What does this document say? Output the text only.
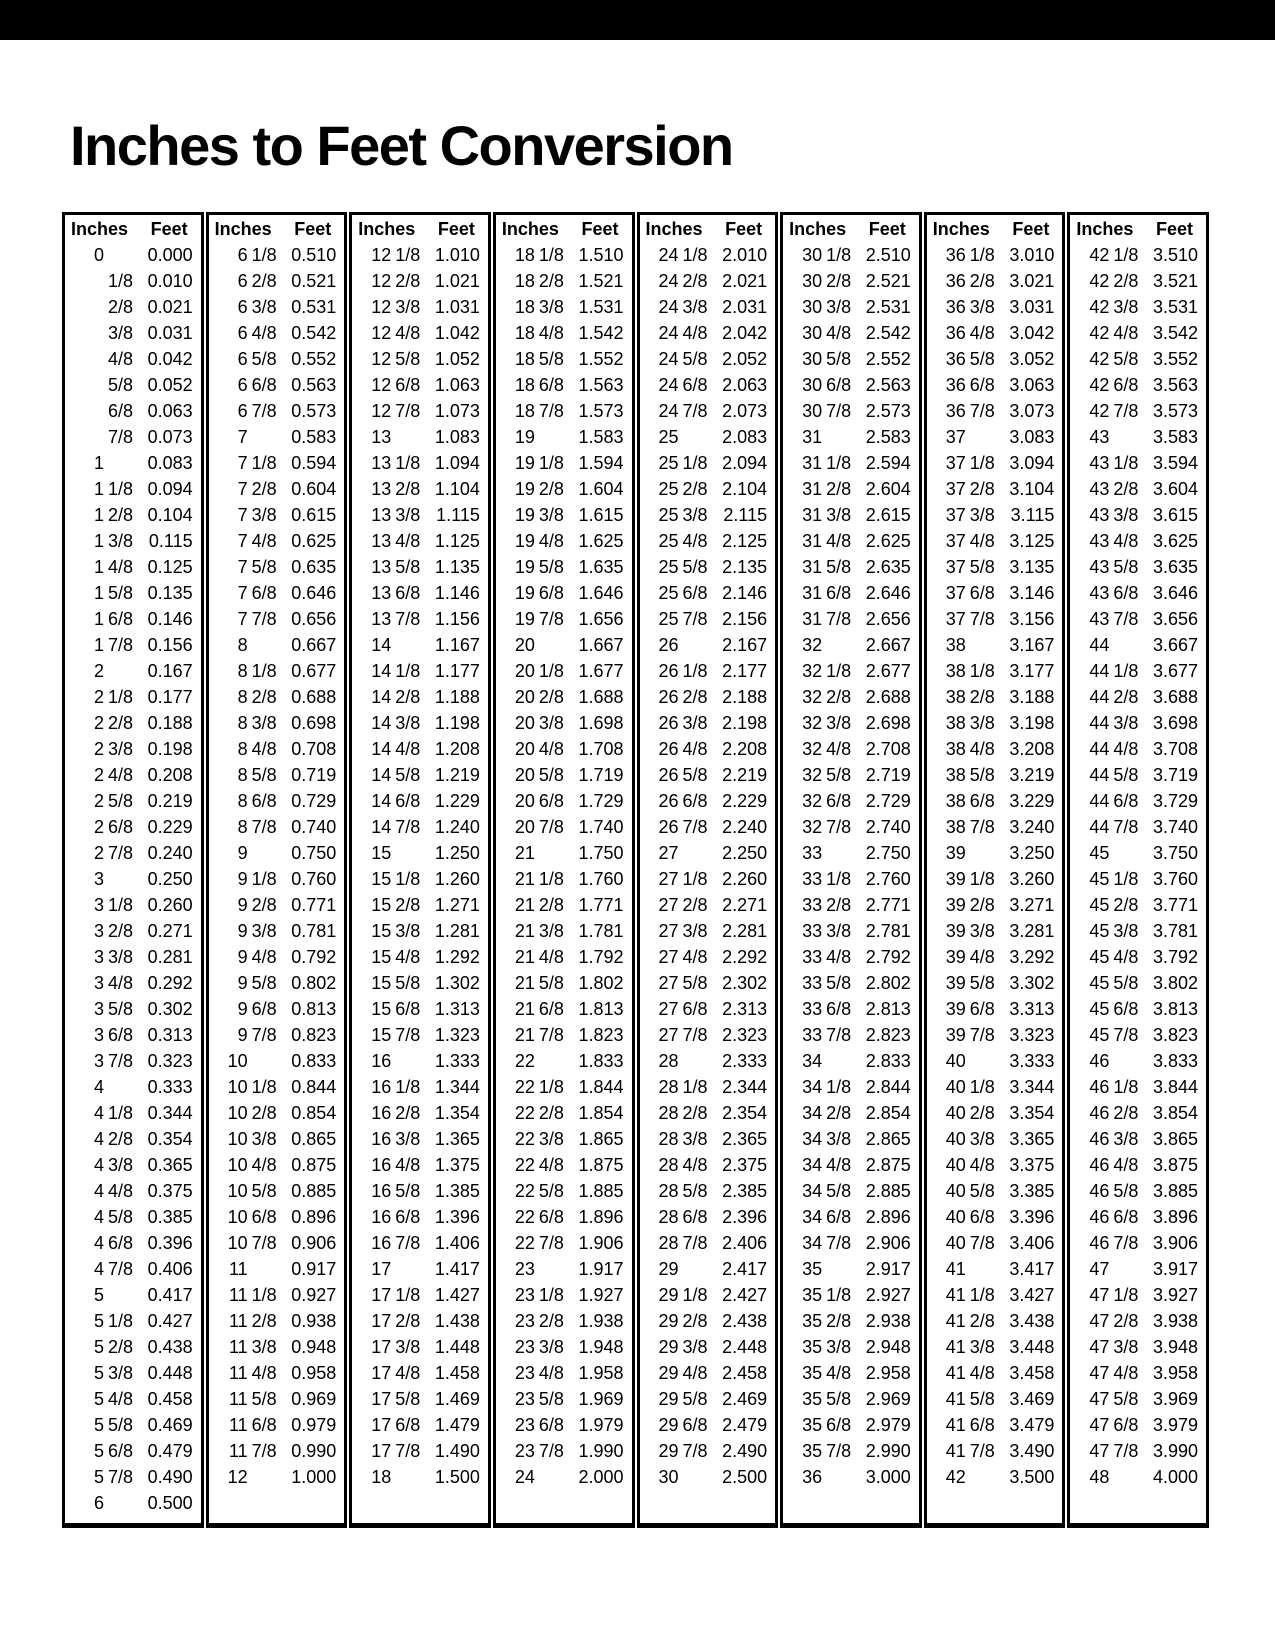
Inches to Feet Conversion
Inches Feet
0	0.000
1/8 0.010
2/8 0.021
3/8 0.031
4/8 0.042
5/8 0.052
6/8 0.063
7/8 0.073
1	0.083
1 1/8 0.094
1 2/8 0.104
1 3/8 0.115
1 4/8 0.125
1 5/8 0.135
1 6/8 0.146
1 7/8 0.156
2	0.167
2 1/8 0.177
2 2/8 0.188
2 3/8 0.198
2 4/8 0.208
2 5/8 0.219
2 6/8 0.229
2 7/8 0.240
3	0.250
3 1/8 0.260
3 2/8 0.271
3 3/8 0.281
3 4/8 0.292
3 5/8 0.302
3 6/8 0.313
3 7/8 0.323
4	0.333
4 1/8 0.344
4 2/8 0.354
4 3/8 0.365
4 4/8 0.375
4 5/8 0.385
4 6/8 0.396
4 7/8 0.406
5	0.417
5 1/8 0.427
5 2/8 0.438
5 3/8 0.448
5 4/8 0.458
5 5/8 0.469
5 6/8 0.479
5 7/8 0.490
6	0.500
Inches Feet
6 1/8 0.510
6 2/8 0.521
6 3/8 0.531
6 4/8 0.542
6 5/8 0.552
6 6/8 0.563
6 7/8 0.573
7	0.583
7 1/8 0.594
7 2/8 0.604
7 3/8 0.615
7 4/8 0.625
7 5/8 0.635
7 6/8 0.646
7 7/8 0.656
8	0.667
8 1/8 0.677
8 2/8 0.688
8 3/8 0.698
8 4/8 0.708
8 5/8 0.719
8 6/8 0.729
8 7/8 0.740
9	0.750
9 1/8 0.760
9 2/8 0.771
9 3/8 0.781
9 4/8 0.792
9 5/8 0.802
9 6/8 0.813
9 7/8 0.823
10	0.833
10 1/8 0.844
10 2/8 0.854
10 3/8 0.865
10 4/8 0.875
10 5/8 0.885
10 6/8 0.896
10 7/8 0.906
11	0.917
11 1/8 0.927
11 2/8 0.938
11 3/8 0.948
11 4/8 0.958
11 5/8 0.969
11 6/8 0.979
11 7/8 0.990
12	1.000
Inches Feet
12 1/8 1.010
12 2/8 1.021
12 3/8 1.031
12 4/8 1.042
12 5/8 1.052
12 6/8 1.063
12 7/8 1.073
13	1.083
13 1/8 1.094
13 2/8 1.104
13 3/8 1.115
13 4/8 1.125
13 5/8 1.135
13 6/8 1.146
13 7/8 1.156
14	1.167
14 1/8 1.177
14 2/8 1.188
14 3/8 1.198
14 4/8 1.208
14 5/8 1.219
14 6/8 1.229
14 7/8 1.240
15	1.250
15 1/8 1.260
15 2/8 1.271
15 3/8 1.281
15 4/8 1.292
15 5/8 1.302
15 6/8 1.313
15 7/8 1.323
16	1.333
16 1/8 1.344
16 2/8 1.354
16 3/8 1.365
16 4/8 1.375
16 5/8 1.385
16 6/8 1.396
16 7/8 1.406
17	1.417
17 1/8 1.427
17 2/8 1.438
17 3/8 1.448
17 4/8 1.458
17 5/8 1.469
17 6/8 1.479
17 7/8 1.490
18	1.500
Inches Feet
18 1/8 1.510
18 2/8 1.521
18 3/8 1.531
18 4/8 1.542
18 5/8 1.552
18 6/8 1.563
18 7/8 1.573
19	1.583
19 1/8 1.594
19 2/8 1.604
19 3/8 1.615
19 4/8 1.625
19 5/8 1.635
19 6/8 1.646
19 7/8 1.656
20	1.667
20 1/8 1.677
20 2/8 1.688
20 3/8 1.698
20 4/8 1.708
20 5/8 1.719
20 6/8 1.729
20 7/8 1.740
21	1.750
21 1/8 1.760
21 2/8 1.771
21 3/8 1.781
21 4/8 1.792
21 5/8 1.802
21 6/8 1.813
21 7/8 1.823
22	1.833
22 1/8 1.844
22 2/8 1.854
22 3/8 1.865
22 4/8 1.875
22 5/8 1.885
22 6/8 1.896
22 7/8 1.906
23	1.917
23 1/8 1.927
23 2/8 1.938
23 3/8 1.948
23 4/8 1.958
23 5/8 1.969
23 6/8 1.979
23 7/8 1.990
24	2.000
Inches Feet
24 1/8 2.010
24 2/8 2.021
24 3/8 2.031
24 4/8 2.042
24 5/8 2.052
24 6/8 2.063
24 7/8 2.073
25	2.083
25 1/8 2.094
25 2/8 2.104
25 3/8 2.115
25 4/8 2.125
25 5/8 2.135
25 6/8 2.146
25 7/8 2.156
26	2.167
26 1/8 2.177
26 2/8 2.188
26 3/8 2.198
26 4/8 2.208
26 5/8 2.219
26 6/8 2.229
26 7/8 2.240
27	2.250
27 1/8 2.260
27 2/8 2.271
27 3/8 2.281
27 4/8 2.292
27 5/8 2.302
27 6/8 2.313
27 7/8 2.323
28	2.333
28 1/8 2.344
28 2/8 2.354
28 3/8 2.365
28 4/8 2.375
28 5/8 2.385
28 6/8 2.396
28 7/8 2.406
29	2.417
29 1/8 2.427
29 2/8 2.438
29 3/8 2.448
29 4/8 2.458
29 5/8 2.469
29 6/8 2.479
29 7/8 2.490
30	2.500
Inches Feet
30 1/8 2.510
30 2/8 2.521
30 3/8 2.531
30 4/8 2.542
30 5/8 2.552
30 6/8 2.563
30 7/8 2.573
31	2.583
31 1/8 2.594
31 2/8 2.604
31 3/8 2.615
31 4/8 2.625
31 5/8 2.635
31 6/8 2.646
31 7/8 2.656
32	2.667
32 1/8 2.677
32 2/8 2.688
32 3/8 2.698
32 4/8 2.708
32 5/8 2.719
32 6/8 2.729
32 7/8 2.740
33	2.750
33 1/8 2.760
33 2/8 2.771
33 3/8 2.781
33 4/8 2.792
33 5/8 2.802
33 6/8 2.813
33 7/8 2.823
34	2.833
34 1/8 2.844
34 2/8 2.854
34 3/8 2.865
34 4/8 2.875
34 5/8 2.885
34 6/8 2.896
34 7/8 2.906
35	2.917
35 1/8 2.927
35 2/8 2.938
35 3/8 2.948
35 4/8 2.958
35 5/8 2.969
35 6/8 2.979
35 7/8 2.990
36	3.000
Inches Feet
36 1/8 3.010
36 2/8 3.021
36 3/8 3.031
36 4/8 3.042
36 5/8 3.052
36 6/8 3.063
36 7/8 3.073
37	3.083
37 1/8 3.094
37 2/8 3.104
37 3/8 3.115
37 4/8 3.125
37 5/8 3.135
37 6/8 3.146
37 7/8 3.156
38	3.167
38 1/8 3.177
38 2/8 3.188
38 3/8 3.198
38 4/8 3.208
38 5/8 3.219
38 6/8 3.229
38 7/8 3.240
39	3.250
39 1/8 3.260
39 2/8 3.271
39 3/8 3.281
39 4/8 3.292
39 5/8 3.302
39 6/8 3.313
39 7/8 3.323
40	3.333
40 1/8 3.344
40 2/8 3.354
40 3/8 3.365
40 4/8 3.375
40 5/8 3.385
40 6/8 3.396
40 7/8 3.406
41	3.417
41 1/8 3.427
41 2/8 3.438
41 3/8 3.448
41 4/8 3.458
41 5/8 3.469
41 6/8 3.479
41 7/8 3.490
42	3.500
Inches Feet
42 1/8 3.510
42 2/8 3.521
42 3/8 3.531
42 4/8 3.542
42 5/8 3.552
42 6/8 3.563
42 7/8 3.573
43	3.583
43 1/8 3.594
43 2/8 3.604
43 3/8 3.615
43 4/8 3.625
43 5/8 3.635
43 6/8 3.646
43 7/8 3.656
44	3.667
44 1/8 3.677
44 2/8 3.688
44 3/8 3.698
44 4/8 3.708
44 5/8 3.719
44 6/8 3.729
44 7/8 3.740
45	3.750
45 1/8 3.760
45 2/8 3.771
45 3/8 3.781
45 4/8 3.792
45 5/8 3.802
45 6/8 3.813
45 7/8 3.823
46	3.833
46 1/8 3.844
46 2/8 3.854
46 3/8 3.865
46 4/8 3.875
46 5/8 3.885
46 6/8 3.896
46 7/8 3.906
47	3.917
47 1/8 3.927
47 2/8 3.938
47 3/8 3.948
47 4/8 3.958
47 5/8 3.969
47 6/8 3.979
47 7/8 3.990
48	4.000
